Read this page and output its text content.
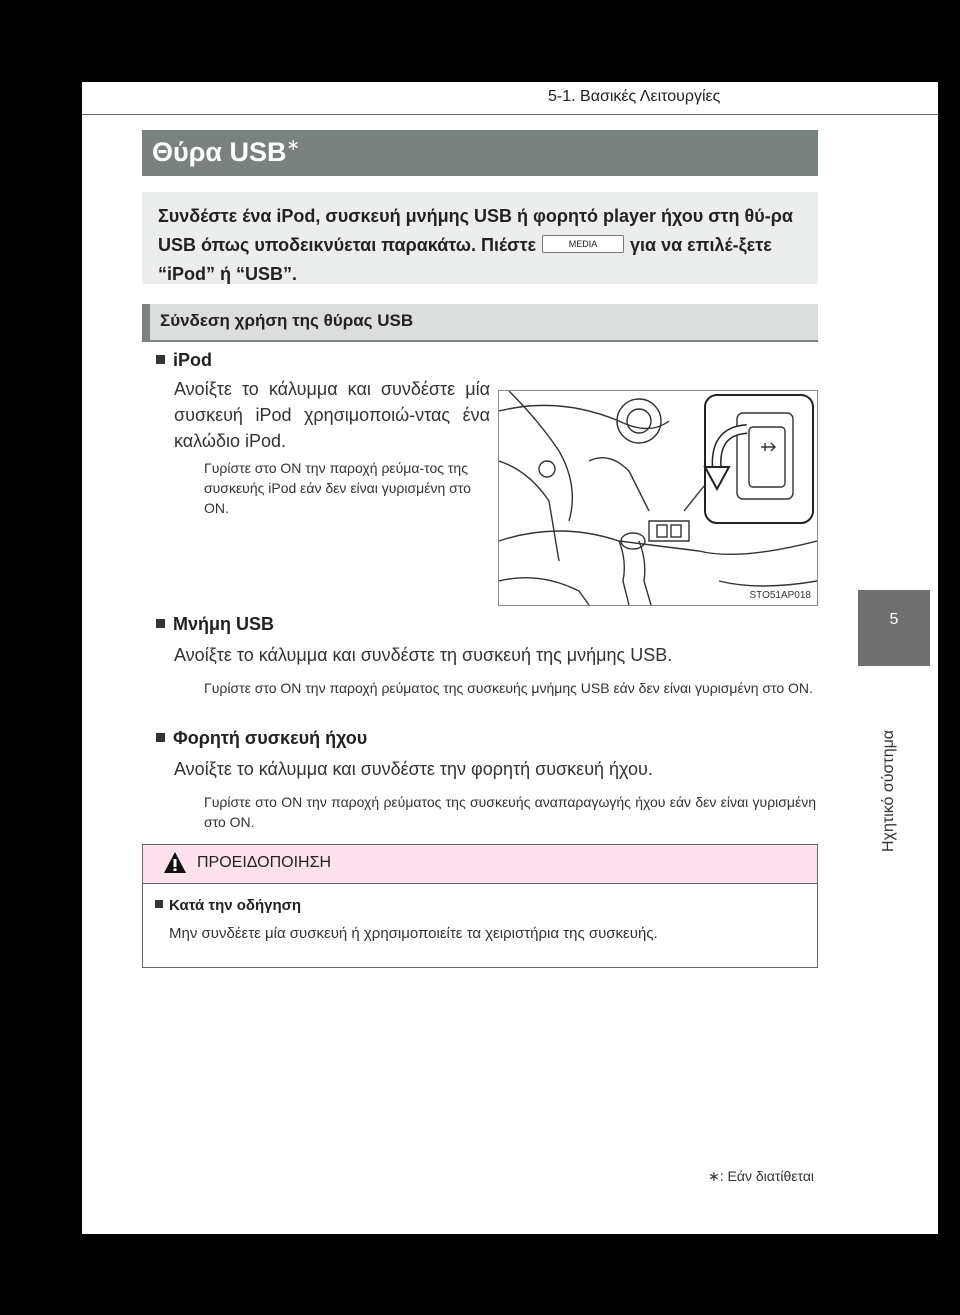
5-1. Βασικές Λειτουργίες
5
Ηχητικό σύστημα
Θύρα USB∗

Συνδέστε ένα iPod, συσκευή μνήμης USB ή φορητό player ήχου στη θύ-ρα USB όπως υποδεικνύεται παρακάτω. Πιέστε	MEDIA για να επιλέ-ξετε “iPod” ή “USB”.

Σύνδεση χρήση της θύρας USB
iPod
Ανοίξτε το κάλυμμα και συνδέστε μία συσκευή iPod χρησιμοποιώ-ντας ένα καλώδιο iPod.
Γυρίστε στο ON την παροχή ρεύμα-τος της συσκευής iPod εάν δεν είναι γυρισμένη στο ON.
STO51AP018
Μνήμη USB
Ανοίξτε το κάλυμμα και συνδέστε τη συσκευή της μνήμης USB.
Γυρίστε στο ON την παροχή ρεύματος της συσκευής μνήμης USB εάν δεν είναι γυρισμένη στο ON.
Φορητή συσκευή ήχου
Ανοίξτε το κάλυμμα και συνδέστε την φορητή συσκευή ήχου.
Γυρίστε στο ON την παροχή ρεύματος της συσκευής αναπαραγωγής ήχου εάν δεν είναι γυρισμένη στο ON.
ΠΡΟΕΙΔΟΠΟΙΗΣΗ
Κατά την οδήγηση
Μην συνδέετε μία συσκευή ή χρησιμοποιείτε τα χειριστήρια της συσκευής.
∗: Εάν διατίθεται
